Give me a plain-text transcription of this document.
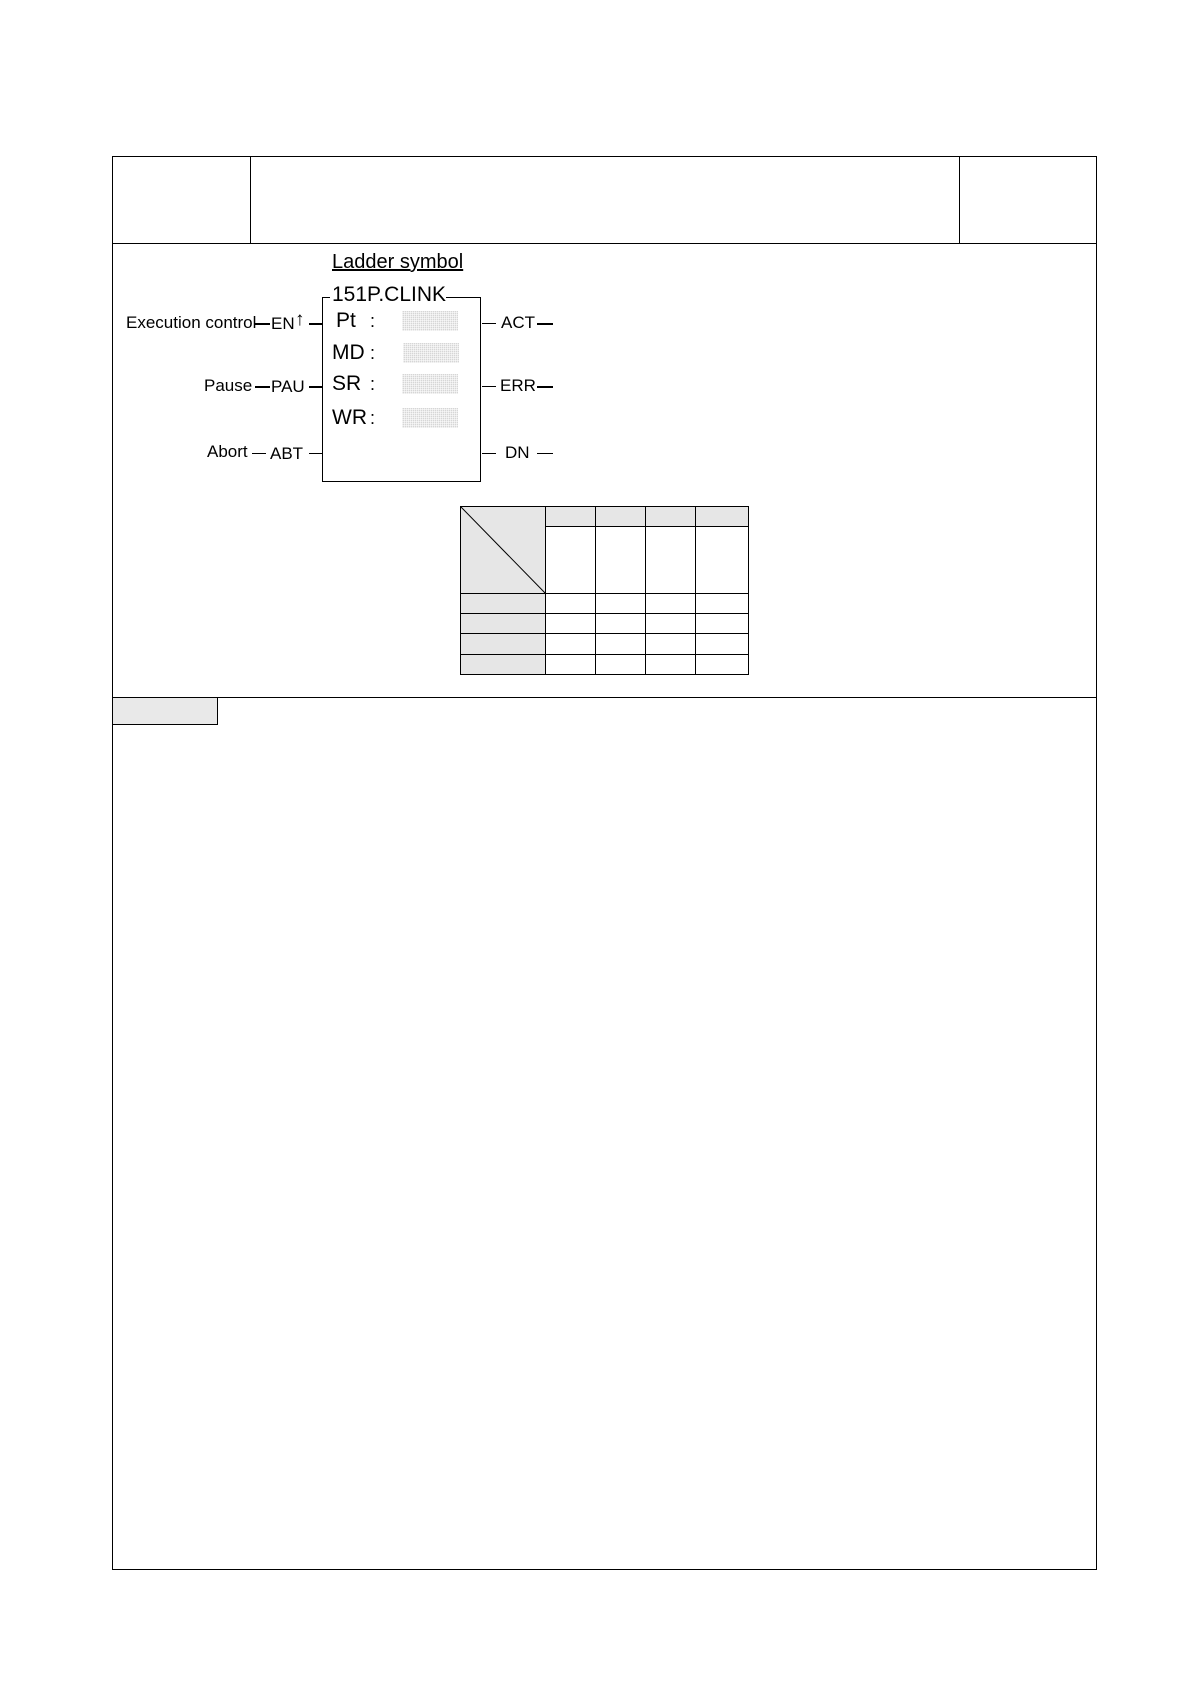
Ladder symbol
151P.CLINK
Pt :
MD :
SR :
WR :
Execution control EN ↑
Pause PAU
Abort ABT
ACT
ERR
DN
